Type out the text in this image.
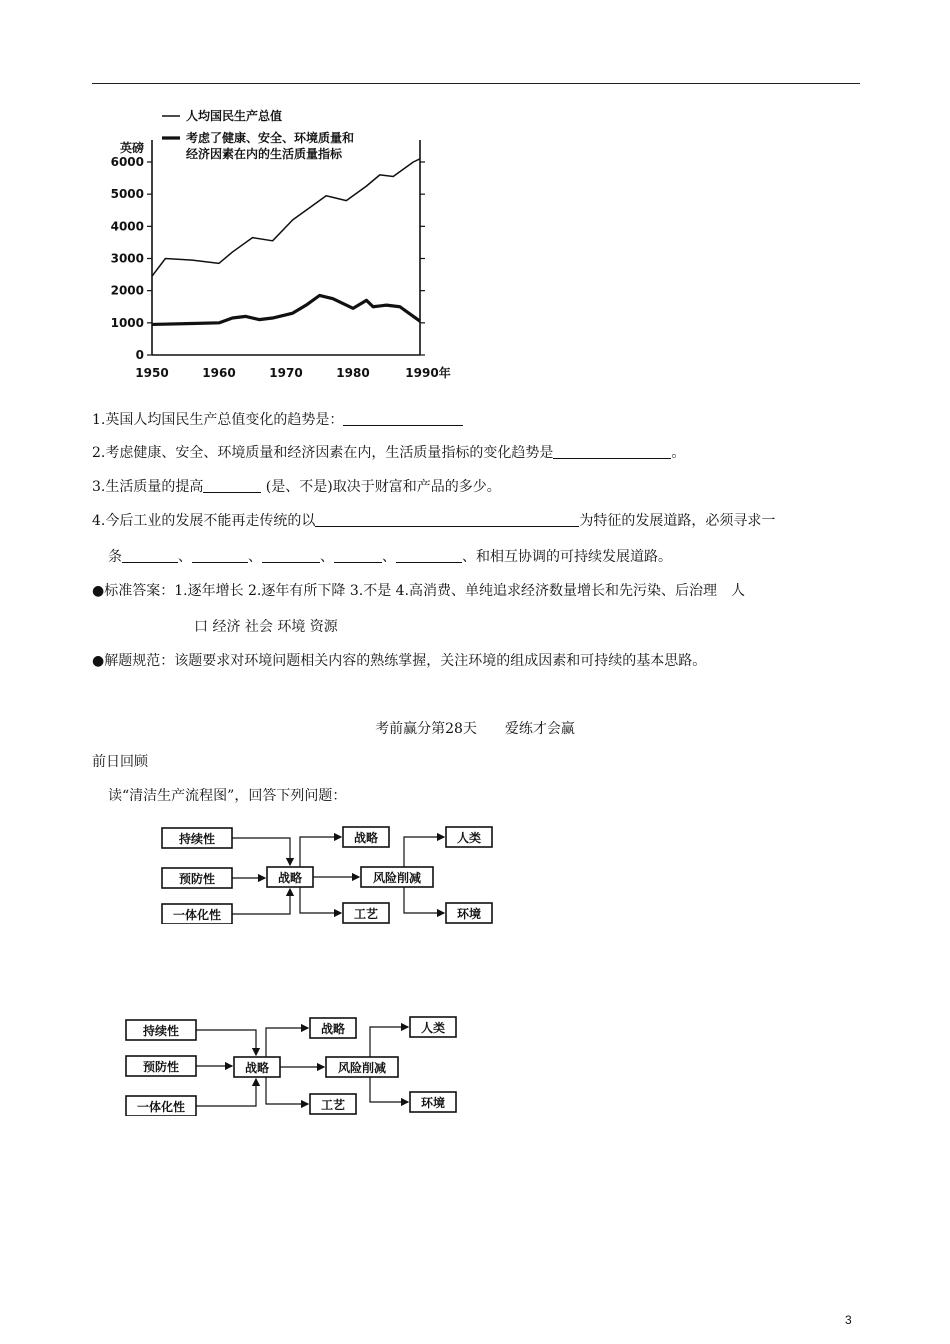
6000
5000
4000
3000
2000
1000
0
1950	1960	1970	1980	1990年
英磅
人均国民生产总值
考虑了健康、安全、环境质量和经济因素在内的生活质量指标
1.英国人均国民生产总值变化的趋势是：
2.考虑健康、安全、环境质量和经济因素在内，生活质量指标的变化趋势是	。
3.生活质量的提高	(是、不是)取决于财富和产品的多少。
4.今后工业的发展不能再走传统的以	为特征的发展道路，必须寻求一
条	、	、	、	、	、和相互协调的可持续发展道路。
●标准答案：1.逐年增长 2.逐年有所下降 3.不是 4.高消费、单纯追求经济数量增长和先污染、后治理　人
口 经济 社会 环境 资源
●解题规范：该题要求对环境问题相关内容的熟练掌握，关注环境的组成因素和可持续的基本思路。
考前赢分第28天　　爱练才会赢
前日回顾
读“清洁生产流程图”，回答下列问题：
持续性
预防性
一体化性
战略
战略
风险削减
工艺
人类
环境
持续性
预防性
一体化性
战略
战略
风险削减
工艺
人类
环境
3
